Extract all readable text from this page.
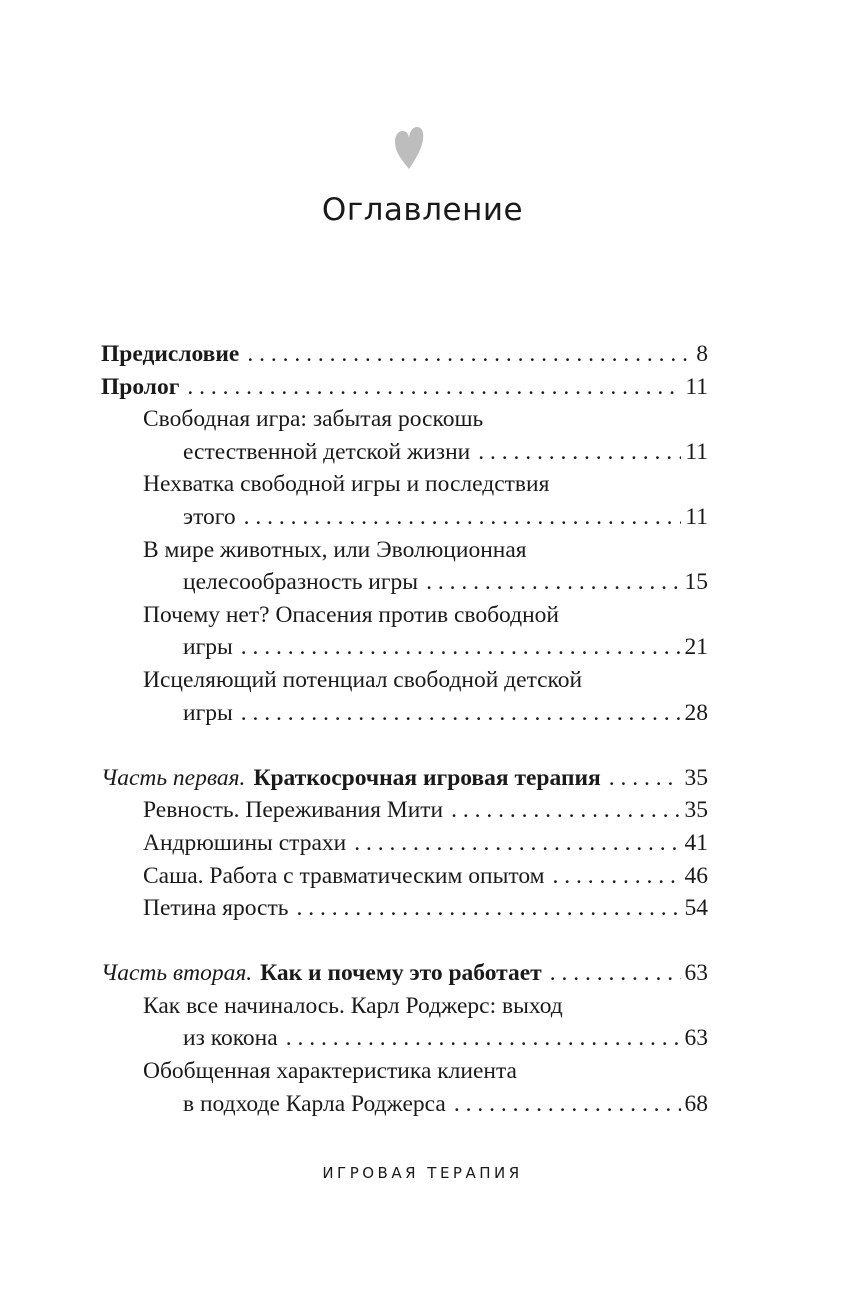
Оглавление
Предисловие . . .	8
Пролог . . .	11
Свободная игра: забытая роскошь
естественной детской жизни . . .	11
Нехватка свободной игры и последствия
этого . . .	11
В мире животных, или Эволюционная
целесообразность игры . . .	15
Почему нет? Опасения против свободной
игры . . .	21
Исцеляющий потенциал свободной детской
игры . . .	28
Часть первая. Краткосрочная игровая терапия . . .	35
Ревность. Переживания Мити . . .	35
Андрюшины страхи . . .	41
Саша. Работа с травматическим опытом . . .	46
Петина ярость . . .	54
Часть вторая. Как и почему это работает . . .	63
Как все начиналось. Карл Роджерс: выход
из кокона . . .	63
Обобщенная характеристика клиента
в подходе Карла Роджерса . . .	68
ИГРОВАЯ ТЕРАПИЯ
